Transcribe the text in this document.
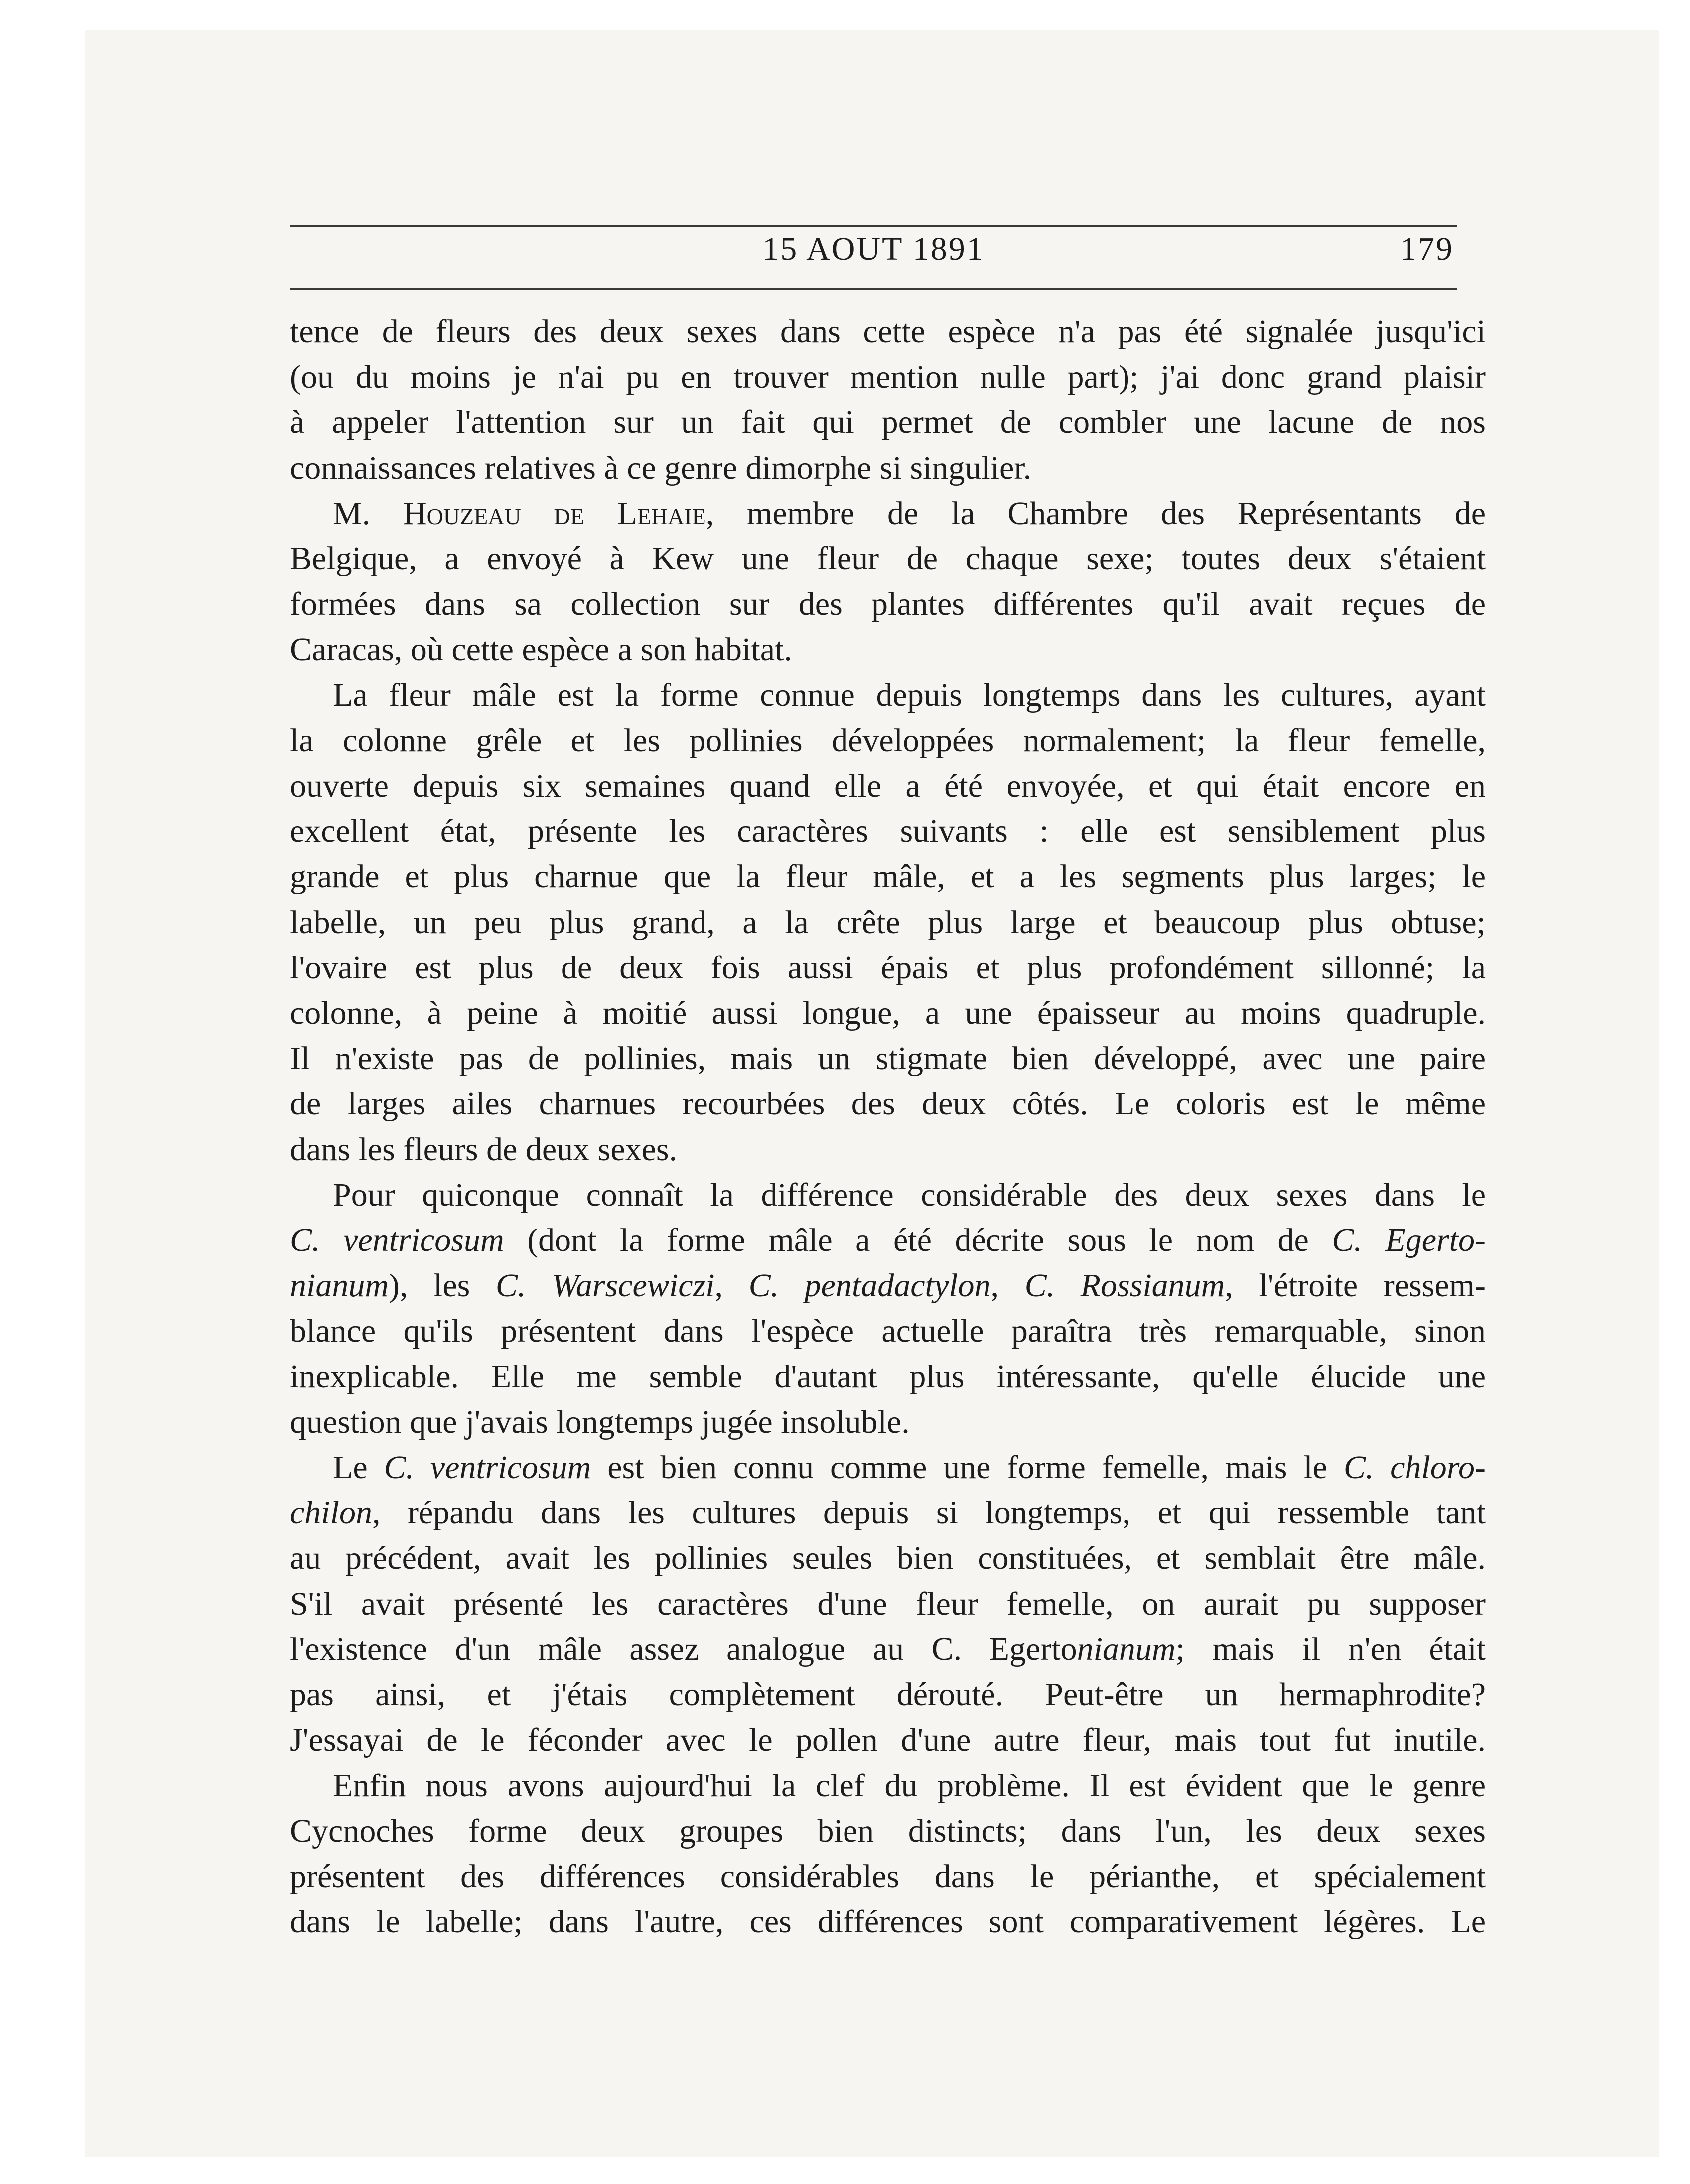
15 AOUT 1891	179
tence de fleurs des deux sexes dans cette espèce n'a pas été signalée jusqu'ici
(ou du moins je n'ai pu en trouver mention nulle part); j'ai donc grand plaisir
à appeler l'attention sur un fait qui permet de combler une lacune de nos
connaissances relatives à ce genre dimorphe si singulier.
M. Houzeau de Lehaie, membre de la Chambre des Représentants de
Belgique, a envoyé à Kew une fleur de chaque sexe; toutes deux s'étaient
formées dans sa collection sur des plantes différentes qu'il avait reçues de
Caracas, où cette espèce a son habitat.
La fleur mâle est la forme connue depuis longtemps dans les cultures, ayant
la colonne grêle et les pollinies développées normalement; la fleur femelle,
ouverte depuis six semaines quand elle a été envoyée, et qui était encore en
excellent état, présente les caractères suivants : elle est sensiblement plus
grande et plus charnue que la fleur mâle, et a les segments plus larges; le
labelle, un peu plus grand, a la crête plus large et beaucoup plus obtuse;
l'ovaire est plus de deux fois aussi épais et plus profondément sillonné; la
colonne, à peine à moitié aussi longue, a une épaisseur au moins quadruple.
Il n'existe pas de pollinies, mais un stigmate bien développé, avec une paire
de larges ailes charnues recourbées des deux côtés. Le coloris est le même
dans les fleurs de deux sexes.
Pour quiconque connaît la différence considérable des deux sexes dans le
C. ventricosum (dont la forme mâle a été décrite sous le nom de C. Egerto-
nianum), les C. Warscewiczi, C. pentadactylon, C. Rossianum, l'étroite ressem-
blance qu'ils présentent dans l'espèce actuelle paraîtra très remarquable, sinon
inexplicable. Elle me semble d'autant plus intéressante, qu'elle élucide une
question que j'avais longtemps jugée insoluble.
Le C. ventricosum est bien connu comme une forme femelle, mais le C. chloro-
chilon, répandu dans les cultures depuis si longtemps, et qui ressemble tant
au précédent, avait les pollinies seules bien constituées, et semblait être mâle.
S'il avait présenté les caractères d'une fleur femelle, on aurait pu supposer
l'existence d'un mâle assez analogue au C. Egertonianum; mais il n'en était
pas ainsi, et j'étais complètement dérouté. Peut-être un hermaphrodite?
J'essayai de le féconder avec le pollen d'une autre fleur, mais tout fut inutile.
Enfin nous avons aujourd'hui la clef du problème. Il est évident que le genre
Cycnoches forme deux groupes bien distincts; dans l'un, les deux sexes
présentent des différences considérables dans le périanthe, et spécialement
dans le labelle; dans l'autre, ces différences sont comparativement légères. Le
